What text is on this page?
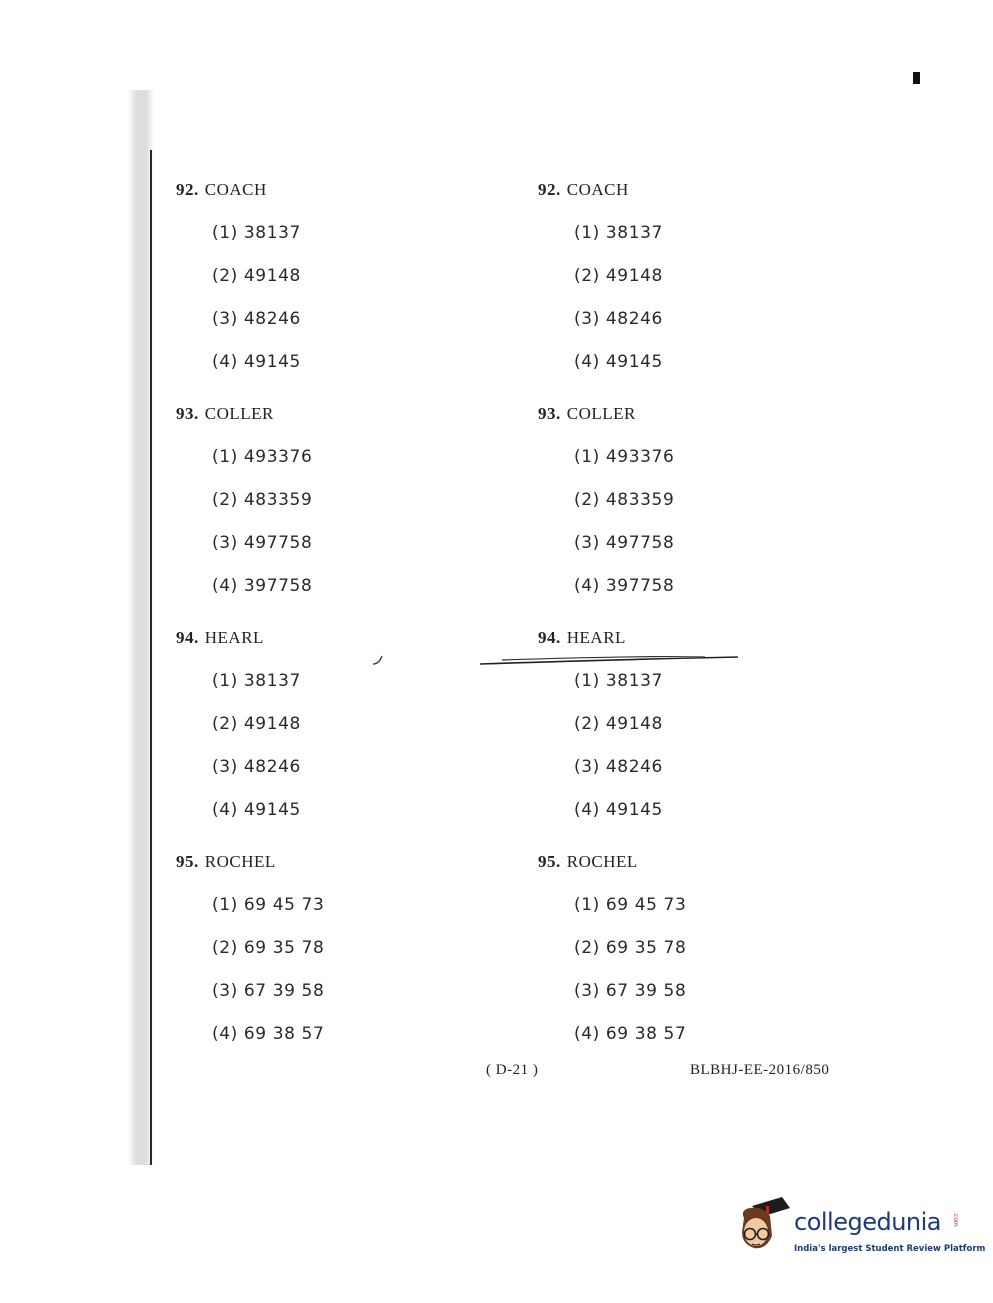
92. COACH
(1) 38137
(2) 49148
(3) 48246
(4) 49145
93. COLLER
(1) 493376
(2) 483359
(3) 497758
(4) 397758
94. HEARL
(1) 38137
(2) 49148
(3) 48246
(4) 49145
95. ROCHEL
(1) 69 45 73
(2) 69 35 78
(3) 67 39 58
(4) 69 38 57
92. COACH
(1) 38137
(2) 49148
(3) 48246
(4) 49145
93. COLLER
(1) 493376
(2) 483359
(3) 497758
(4) 397758
94. HEARL
(1) 38137
(2) 49148
(3) 48246
(4) 49145
95. ROCHEL
(1) 69 45 73
(2) 69 35 78
(3) 67 39 58
(4) 69 38 57
( D-21 )	BLBHJ-EE-2016/850
collegedunia .com
India's largest Student Review Platform
